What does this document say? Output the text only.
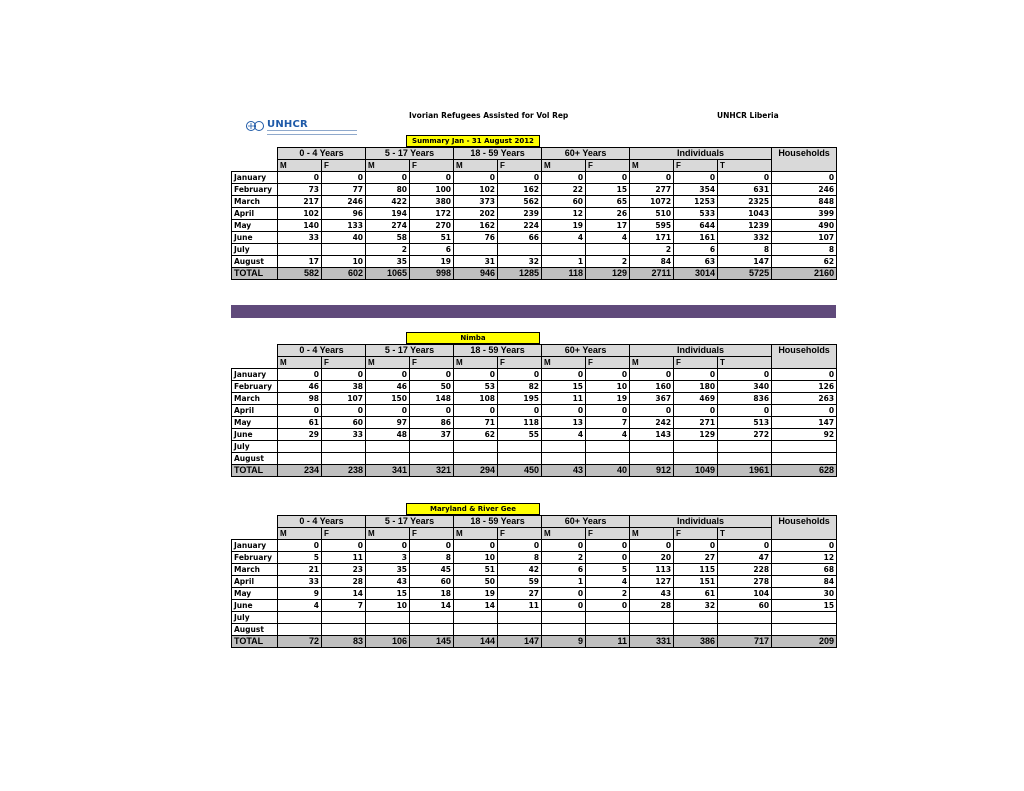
Ivorian Refugees Assisted for Vol Rep	UNHCR Liberia
UNHCR
Summary Jan - 31 August 2012
	0 - 4 Years		5 - 17 Years		18 - 59 Years		60+ Years		Individuals			Households
	M	F	M	F	M	F	M	F	M	F	T	
January	0	0	0	0	0	0	0	0	0	0	0	0
February	73	77	80	100	102	162	22	15	277	354	631	246
March	217	246	422	380	373	562	60	65	1072	1253	2325	848
April	102	96	194	172	202	239	12	26	510	533	1043	399
May	140	133	274	270	162	224	19	17	595	644	1239	490
June	33	40	58	51	76	66	4	4	171	161	332	107
July			2	6					2	6	8	8
August	17	10	35	19	31	32	1	2	84	63	147	62
TOTAL	582	602	1065	998	946	1285	118	129	2711	3014	5725	2160
Nimba
	0 - 4 Years		5 - 17 Years		18 - 59 Years		60+ Years		Individuals			Households
	M	F	M	F	M	F	M	F	M	F	T	
January	0	0	0	0	0	0	0	0	0	0	0	0
February	46	38	46	50	53	82	15	10	160	180	340	126
March	98	107	150	148	108	195	11	19	367	469	836	263
April	0	0	0	0	0	0	0	0	0	0	0	0
May	61	60	97	86	71	118	13	7	242	271	513	147
June	29	33	48	37	62	55	4	4	143	129	272	92
July												
August												
TOTAL	234	238	341	321	294	450	43	40	912	1049	1961	628
Maryland & River Gee
	0 - 4 Years		5 - 17 Years		18 - 59 Years		60+ Years		Individuals			Households
	M	F	M	F	M	F	M	F	M	F	T	
January	0	0	0	0	0	0	0	0	0	0	0	0
February	5	11	3	8	10	8	2	0	20	27	47	12
March	21	23	35	45	51	42	6	5	113	115	228	68
April	33	28	43	60	50	59	1	4	127	151	278	84
May	9	14	15	18	19	27	0	2	43	61	104	30
June	4	7	10	14	14	11	0	0	28	32	60	15
July												
August												
TOTAL	72	83	106	145	144	147	9	11	331	386	717	209
